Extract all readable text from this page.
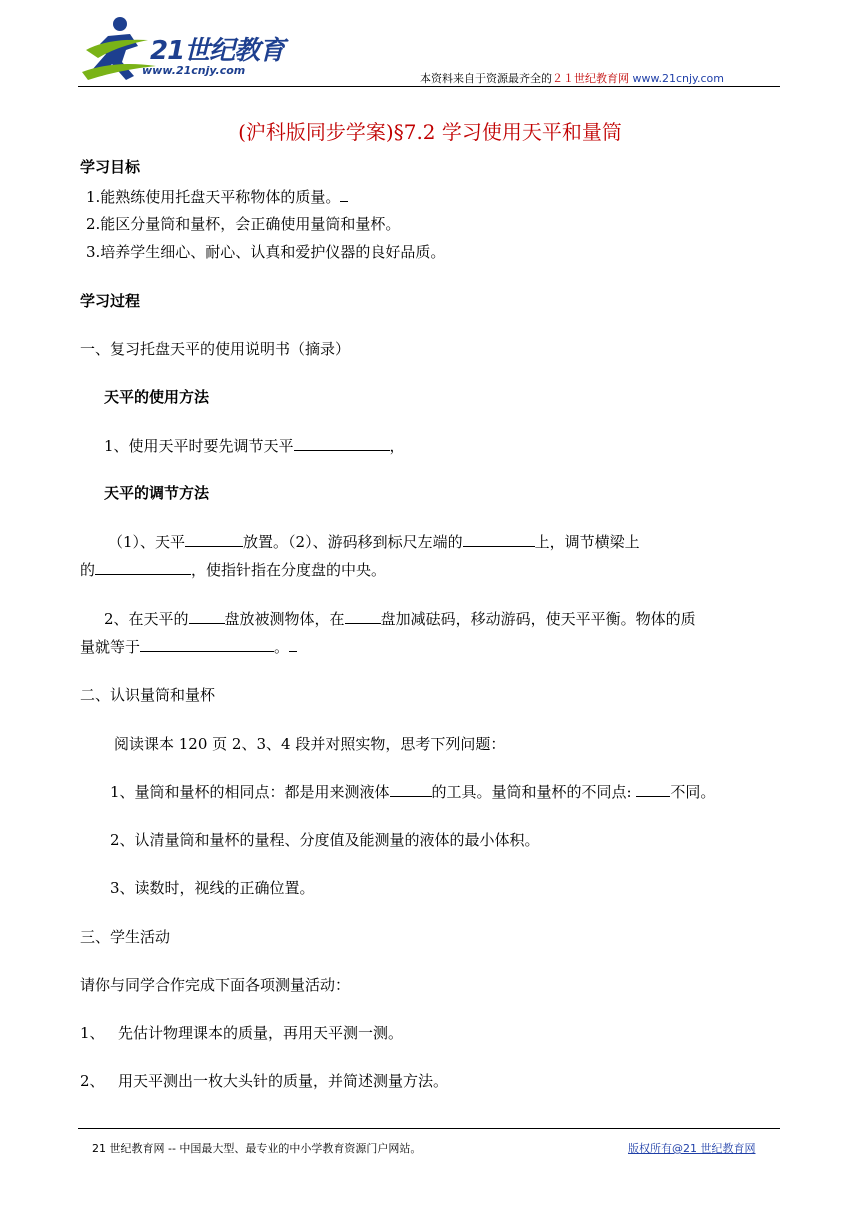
21世纪教育
www.21cnjy.com
本资料来自于资源最齐全的２１世纪教育网 www.21cnjy.com
(沪科版同步学案)§7.2 学习使用天平和量筒
学习目标
1.能熟练使用托盘天平称物体的质量。
2.能区分量筒和量杯，会正确使用量筒和量杯。
3.培养学生细心、耐心、认真和爱护仪器的良好品质。
学习过程
一、复习托盘天平的使用说明书（摘录）
天平的使用方法
1、使用天平时要先调节天平	，
天平的调节方法
（1）、天平	放置。（2）、游码移到标尺左端的	上，调节横梁上
的	，使指针指在分度盘的中央。
2、在天平的 盘放被测物体，在 盘加减砝码，移动游码，使天平平衡。物体的质
量就等于	。
二、认识量筒和量杯
阅读课本 120 页 2、3、4 段并对照实物，思考下列问题：
1、量筒和量杯的相同点：都是用来测液体	的工具。量筒和量杯的不同点: 不同。
2、认清量筒和量杯的量程、分度值及能测量的液体的最小体积。
3、读数时，视线的正确位置。
三、学生活动
请你与同学合作完成下面各项测量活动：
1、 先估计物理课本的质量，再用天平测一测。
2、 用天平测出一枚大头针的质量，并简述测量方法。
21 世纪教育网 -- 中国最大型、最专业的中小学教育资源门户网站。	版权所有@21 世纪教育网
